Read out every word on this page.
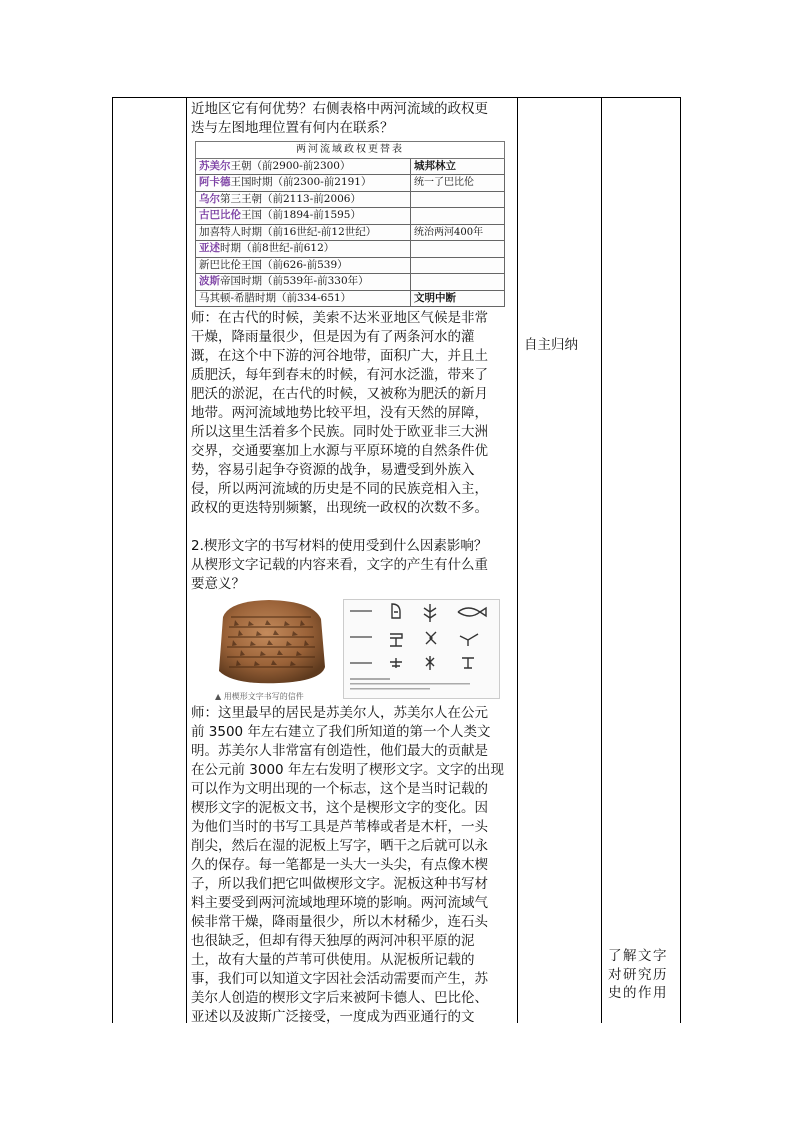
近地区它有何优势？右侧表格中两河流域的政权更

迭与左图地理位置有何内在联系？

两河流域政权更替表	
苏美尔王朝（前2900-前2300）	城邦林立
阿卡德王国时期（前2300-前2191）	统一了巴比伦
乌尔第三王朝（前2113-前2006）	
古巴比伦王国（前1894-前1595）	
加喜特人时期（前16世纪-前12世纪）	统治两河400年
亚述时期（前8世纪-前612）	
新巴比伦王国（前626-前539）	
波斯帝国时期（前539年-前330年）	
马其顿-希腊时期（前334-651）	文明中断

师：在古代的时候，美索不达米亚地区气候是非常

干燥，降雨量很少，但是因为有了两条河水的灌

溉，在这个中下游的河谷地带，面积广大，并且土

质肥沃，每年到春末的时候，有河水泛滥，带来了

肥沃的淤泥，在古代的时候，又被称为肥沃的新月

地带。两河流域地势比较平坦，没有天然的屏障，

所以这里生活着多个民族。同时处于欧亚非三大洲

交界，交通要塞加上水源与平原环境的自然条件优

势，容易引起争夺资源的战争，易遭受到外族入

侵，所以两河流域的历史是不同的民族竞相入主，

政权的更迭特别频繁，出现统一政权的次数不多。

2.楔形文字的书写材料的使用受到什么因素影响？

从楔形文字记载的内容来看，文字的产生有什么重

要意义？

▲ 用楔形文字书写的信件

师：这里最早的居民是苏美尔人，苏美尔人在公元

前 3500 年左右建立了我们所知道的第一个人类文

明。苏美尔人非常富有创造性，他们最大的贡献是

在公元前 3000 年左右发明了楔形文字。文字的出现

可以作为文明出现的一个标志，这个是当时记载的

楔形文字的泥板文书，这个是楔形文字的变化。因

为他们当时的书写工具是芦苇棒或者是木杆，一头

削尖，然后在湿的泥板上写字，晒干之后就可以永

久的保存。每一笔都是一头大一头尖，有点像木楔

子，所以我们把它叫做楔形文字。泥板这种书写材

料主要受到两河流域地理环境的影响。两河流域气

候非常干燥，降雨量很少，所以木材稀少，连石头

也很缺乏，但却有得天独厚的两河冲积平原的泥

土，故有大量的芦苇可供使用。从泥板所记载的

事，我们可以知道文字因社会活动需要而产生，苏

美尔人创造的楔形文字后来被阿卡德人、巴比伦、

亚述以及波斯广泛接受，一度成为西亚通行的文

自主归纳
了解文字
对研究历
史的作用
